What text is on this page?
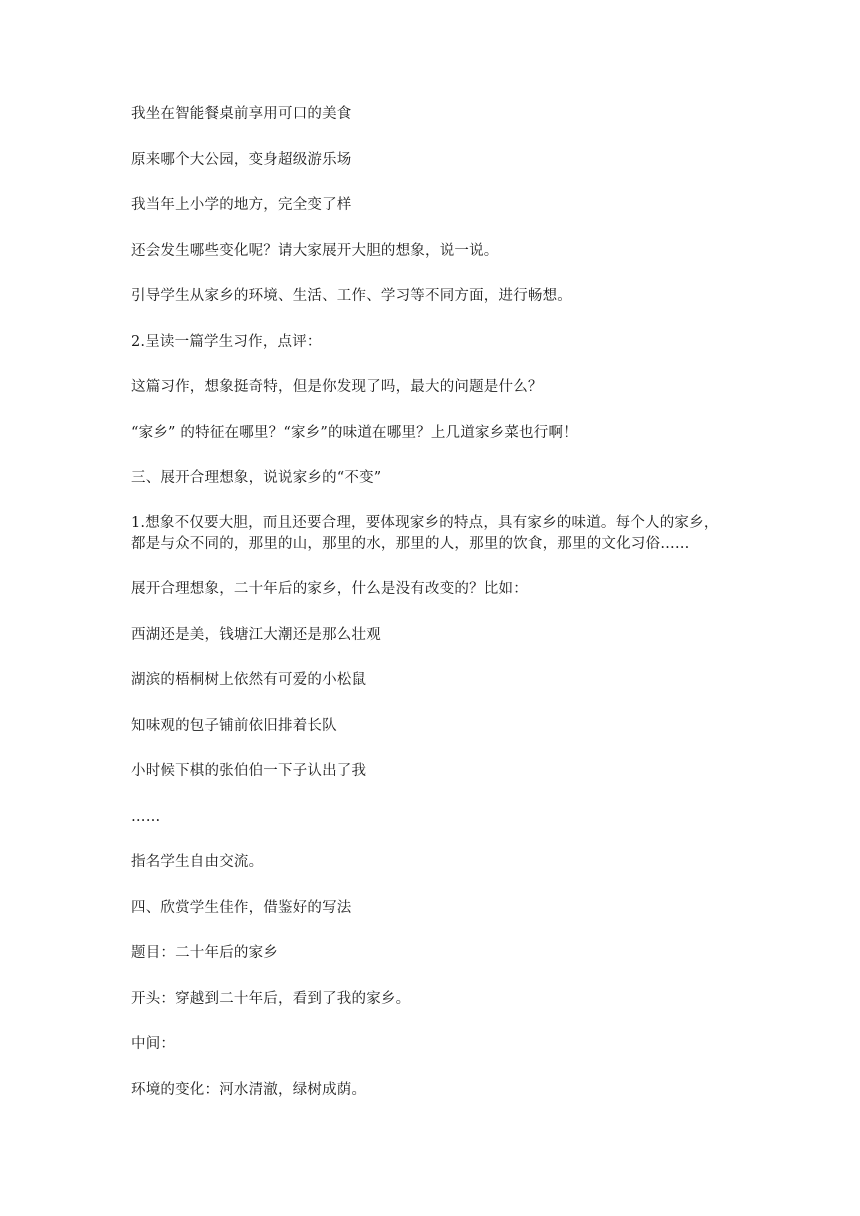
我坐在智能餐桌前享用可口的美食

原来哪个大公园，变身超级游乐场

我当年上小学的地方，完全变了样

还会发生哪些变化呢？请大家展开大胆的想象，说一说。

引导学生从家乡的环境、生活、工作、学习等不同方面，进行畅想。

2.呈读一篇学生习作，点评：

这篇习作，想象挺奇特，但是你发现了吗，最大的问题是什么？

“家乡” 的特征在哪里？“家乡”的味道在哪里？上几道家乡菜也行啊！

三、展开合理想象，说说家乡的“不变”

1.想象不仅要大胆，而且还要合理，要体现家乡的特点，具有家乡的味道。每个人的家乡，都是与众不同的，那里的山，那里的水，那里的人，那里的饮食，那里的文化习俗……

展开合理想象，二十年后的家乡，什么是没有改变的？比如：

西湖还是美，钱塘江大潮还是那么壮观

湖滨的梧桐树上依然有可爱的小松鼠

知味观的包子铺前依旧排着长队

小时候下棋的张伯伯一下子认出了我

……

指名学生自由交流。

四、欣赏学生佳作，借鉴好的写法

题目：二十年后的家乡

开头：穿越到二十年后，看到了我的家乡。

中间：

环境的变化：河水清澈，绿树成荫。
